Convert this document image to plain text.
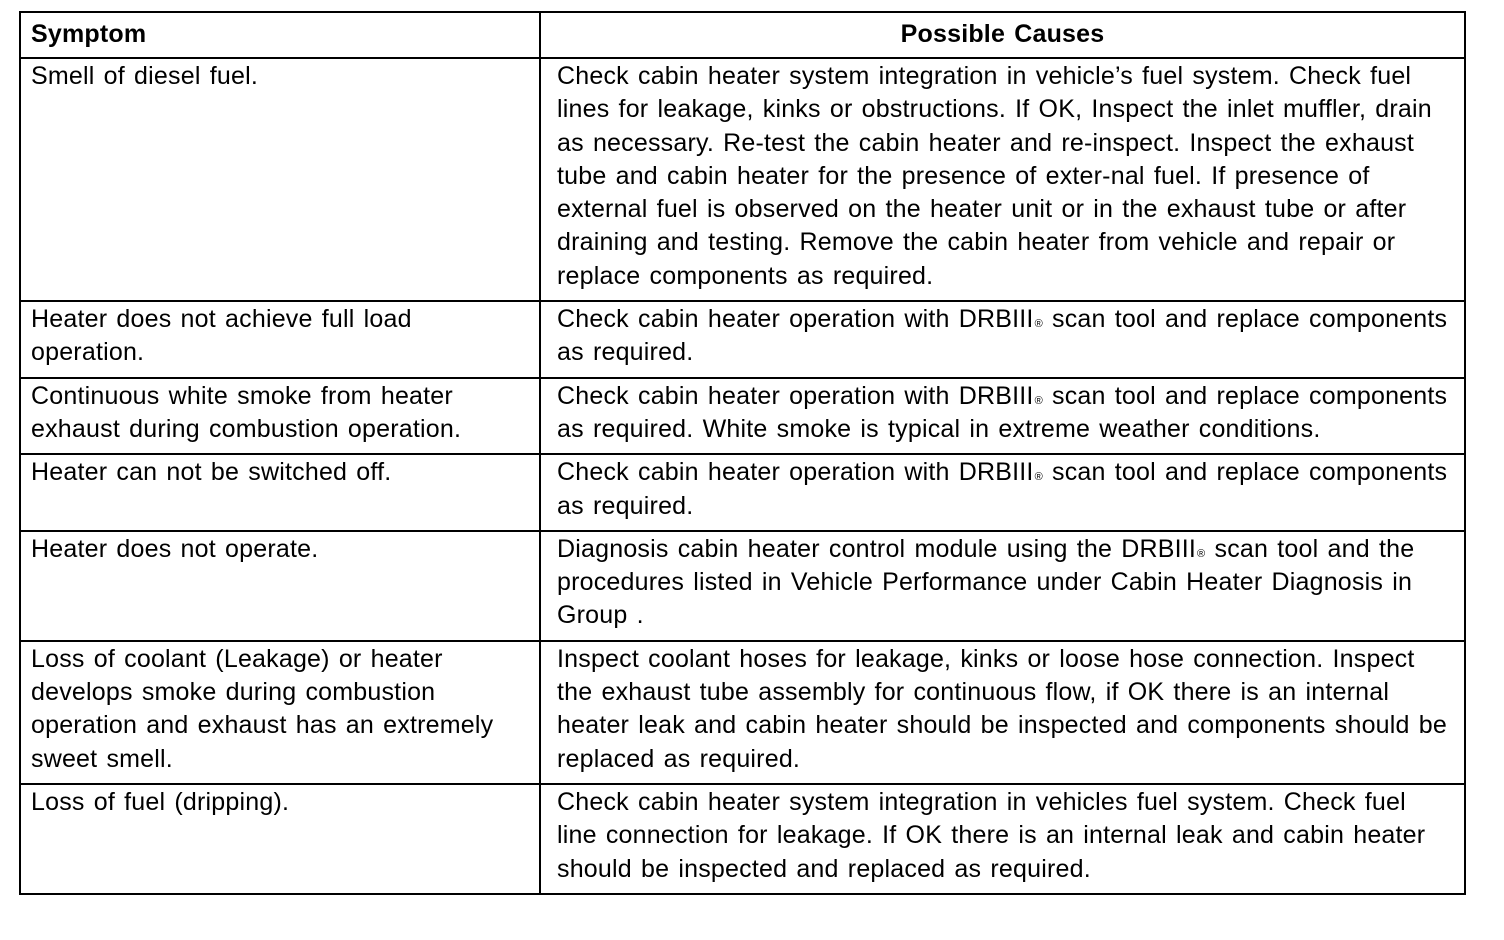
Symptom	Possible Causes
Smell of diesel fuel.	Check cabin heater system integration in vehicle’s fuel system. Check fuel lines for leakage, kinks or obstructions. If OK, Inspect the inlet muffler, drain as necessary. Re-test the cabin heater and re-inspect. Inspect the exhaust tube and cabin heater for the presence of exter-nal fuel. If presence of external fuel is observed on the heater unit or in the exhaust tube or after draining and testing. Remove the cabin heater from vehicle and repair or replace components as required.
Heater does not achieve full load operation.	Check cabin heater operation with DRBIII® scan tool and replace components as required.
Continuous white smoke from heater exhaust during combustion operation.	Check cabin heater operation with DRBIII® scan tool and replace components as required. White smoke is typical in extreme weather conditions.
Heater can not be switched off.	Check cabin heater operation with DRBIII® scan tool and replace components as required.
Heater does not operate.	Diagnosis cabin heater control module using the DRBIII® scan tool and the procedures listed in Vehicle Performance under Cabin Heater Diagnosis in Group .
Loss of coolant (Leakage) or heater develops smoke during combustion operation and exhaust has an extremely sweet smell.	Inspect coolant hoses for leakage, kinks or loose hose connection. Inspect the exhaust tube assembly for continuous flow, if OK there is an internal heater leak and cabin heater should be inspected and components should be replaced as required.
Loss of fuel (dripping).	Check cabin heater system integration in vehicles fuel system. Check fuel line connection for leakage. If OK there is an internal leak and cabin heater should be inspected and replaced as required.
